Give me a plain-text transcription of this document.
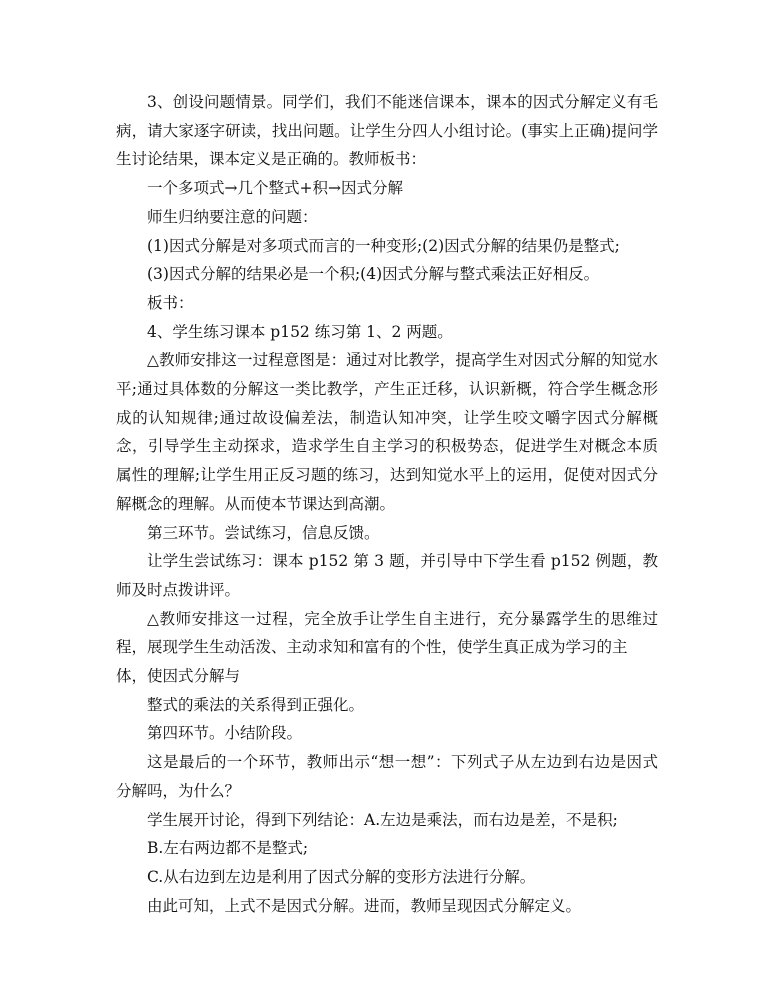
3、创设问题情景。同学们，我们不能迷信课本，课本的因式分解定义有毛病，请大家逐字研读，找出问题。让学生分四人小组讨论。(事实上正确)提问学生讨论结果，课本定义是正确的。教师板书：

一个多项式→几个整式+积→因式分解

师生归纳要注意的问题：

(1)因式分解是对多项式而言的一种变形;(2)因式分解的结果仍是整式;

(3)因式分解的结果必是一个积;(4)因式分解与整式乘法正好相反。

板书：

4、学生练习课本 p152 练习第 1、2 两题。

△教师安排这一过程意图是：通过对比教学，提高学生对因式分解的知觉水平;通过具体数的分解这一类比教学，产生正迁移，认识新概，符合学生概念形成的认知规律;通过故设偏差法，制造认知冲突，让学生咬文嚼字因式分解概念，引导学生主动探求，造求学生自主学习的积极势态，促进学生对概念本质属性的理解;让学生用正反习题的练习，达到知觉水平上的运用，促使对因式分解概念的理解。从而使本节课达到高潮。

第三环节。尝试练习，信息反馈。

让学生尝试练习：课本 p152 第 3 题，并引导中下学生看 p152 例题，教师及时点拨讲评。

△教师安排这一过程，完全放手让学生自主进行，充分暴露学生的思维过程，展现学生生动活泼、主动求知和富有的个性，使学生真正成为学习的主

体，使因式分解与

整式的乘法的关系得到正强化。

第四环节。小结阶段。

这是最后的一个环节，教师出示“想一想”：下列式子从左边到右边是因式分解吗，为什么？

学生展开讨论，得到下列结论：A.左边是乘法，而右边是差，不是积;

B.左右两边都不是整式;

C.从右边到左边是利用了因式分解的变形方法进行分解。

由此可知，上式不是因式分解。进而，教师呈现因式分解定义。
